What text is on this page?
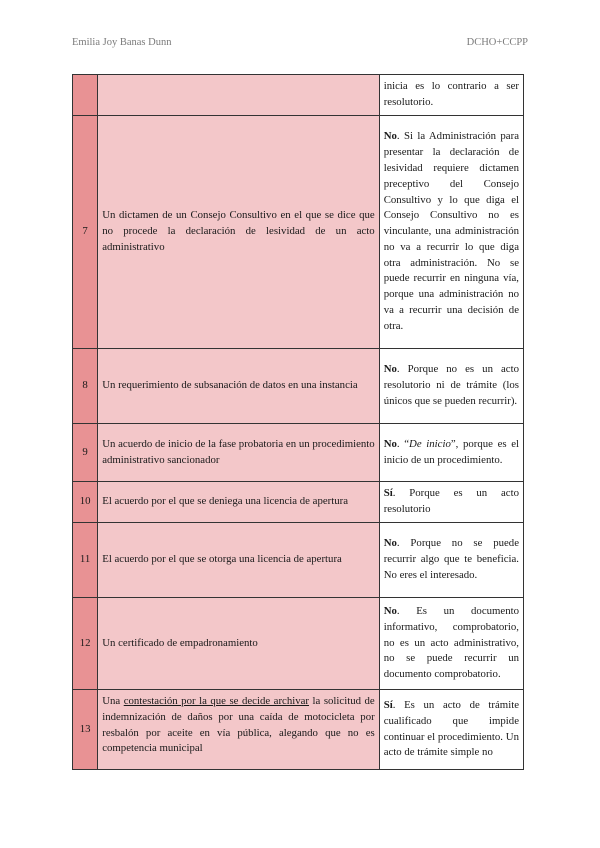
Emilia Joy Banas Dunn	DCHO+CCPP
		inicia es lo contrario a ser resolutorio.
7	Un dictamen de un Consejo Consultivo en el que se dice que no procede la declaración de lesividad de un acto administrativo	No. Si la Administración para presentar la declaración de lesividad requiere dictamen preceptivo del Consejo Consultivo y lo que diga el Consejo Consultivo no es vinculante, una administración no va a recurrir lo que diga otra administración. No se puede recurrir en ninguna vía, porque una administración no va a recurrir una decisión de otra.
8	Un requerimiento de subsanación de datos en una instancia	No. Porque no es un acto resolutorio ni de trámite (los únicos que se pueden recurrir).
9	Un acuerdo de inicio de la fase probatoria en un procedimiento administrativo sancionador	No. “De inicio”, porque es el inicio de un procedimiento.
10	El acuerdo por el que se deniega una licencia de apertura	Sí. Porque es un acto resolutorio
11	El acuerdo por el que se otorga una licencia de apertura	No. Porque no se puede recurrir algo que te beneficia. No eres el interesado.
12	Un certificado de empadronamiento	No. Es un documento informativo, comprobatorio, no es un acto administrativo, no se puede recurrir un documento comprobatorio.
13	Una contestación por la que se decide archivar la solicitud de indemnización de daños por una caída de motocicleta por resbalón por aceite en vía pública, alegando que no es competencia municipal	Sí. Es un acto de trámite cualificado que impide continuar el procedimiento. Un acto de trámite simple no
